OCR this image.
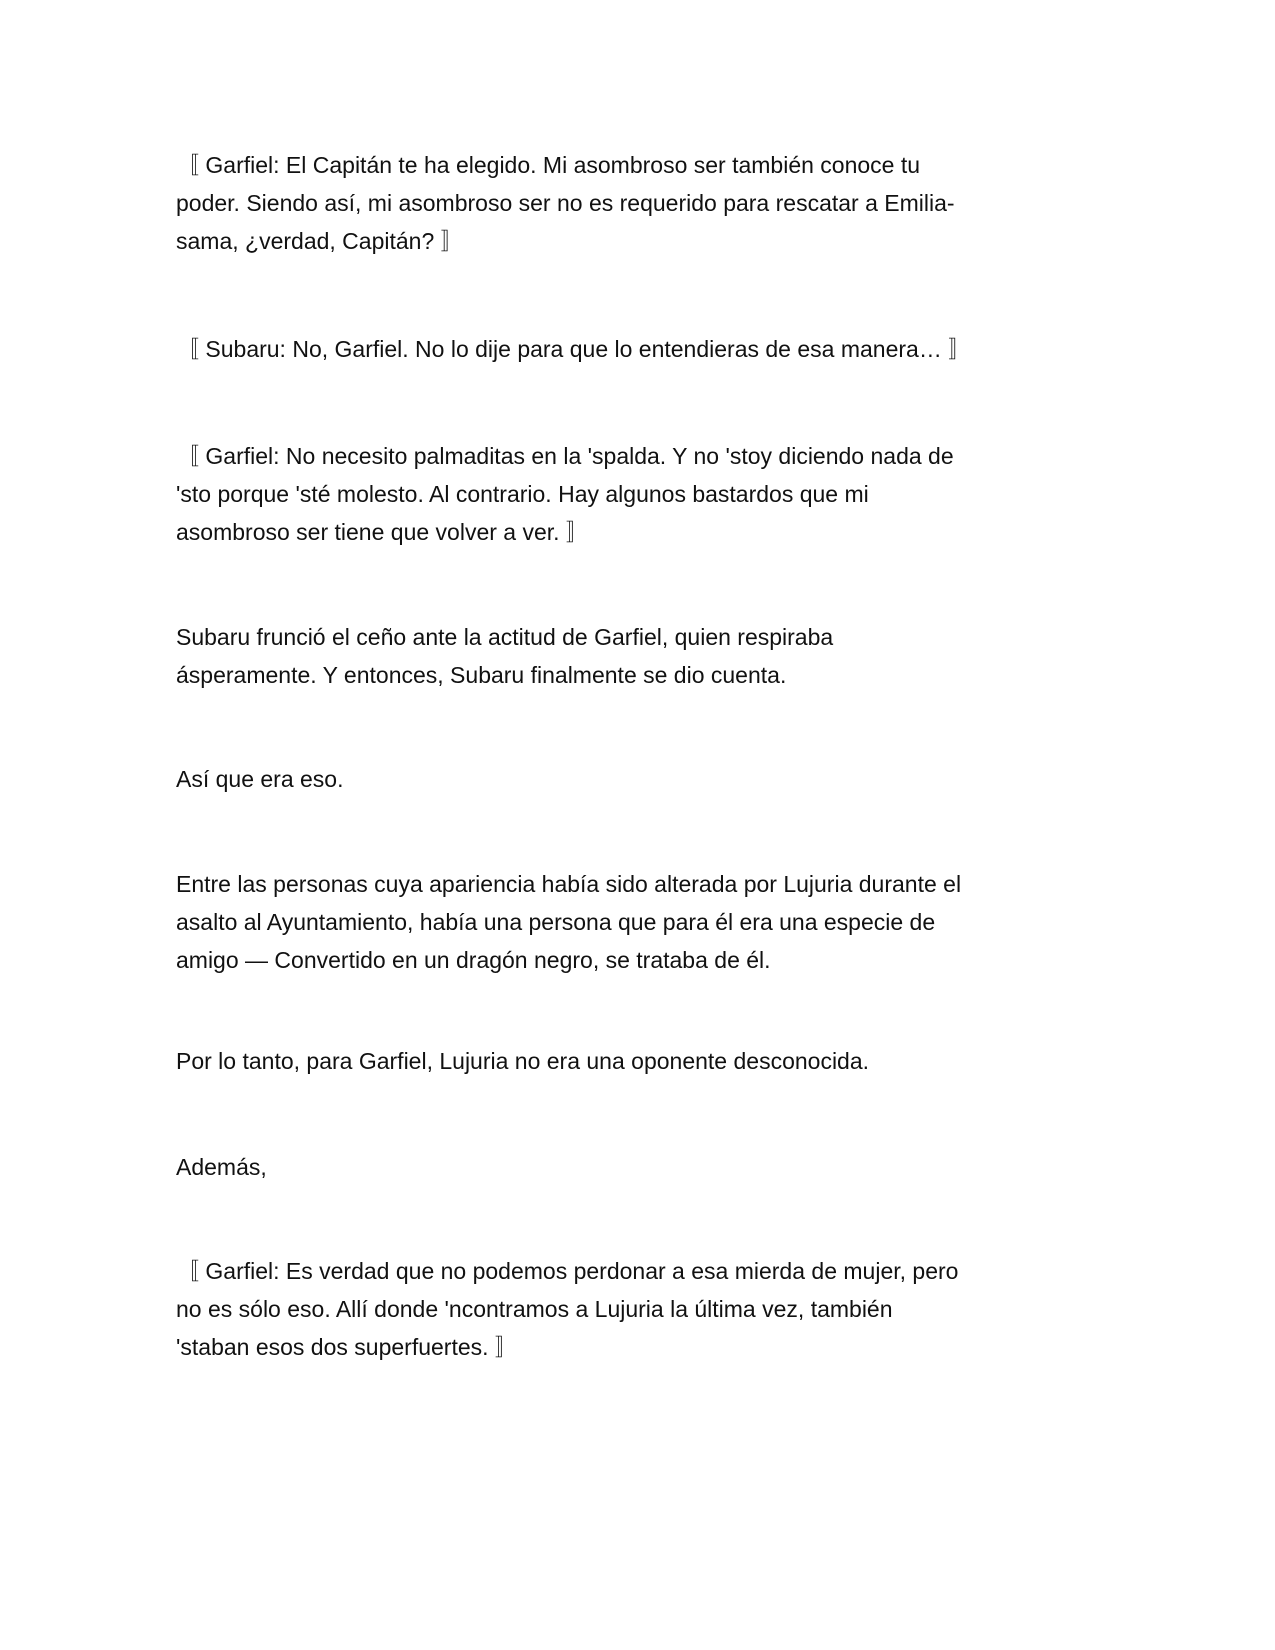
〚 Garfiel: El Capitán te ha elegido. Mi asombroso ser también conoce tu
poder. Siendo así, mi asombroso ser no es requerido para rescatar a Emilia-
sama, ¿verdad, Capitán? 〛

〚 Subaru: No, Garfiel. No lo dije para que lo entendieras de esa manera… 〛

〚 Garfiel: No necesito palmaditas en la 'spalda. Y no 'stoy diciendo nada de
'sto porque 'sté molesto. Al contrario. Hay algunos bastardos que mi
asombroso ser tiene que volver a ver. 〛

Subaru frunció el ceño ante la actitud de Garfiel, quien respiraba
ásperamente. Y entonces, Subaru finalmente se dio cuenta.

Así que era eso.

Entre las personas cuya apariencia había sido alterada por Lujuria durante el
asalto al Ayuntamiento, había una persona que para él era una especie de
amigo — Convertido en un dragón negro, se trataba de él.

Por lo tanto, para Garfiel, Lujuria no era una oponente desconocida.

Además,

〚 Garfiel: Es verdad que no podemos perdonar a esa mierda de mujer, pero
no es sólo eso. Allí donde 'ncontramos a Lujuria la última vez, también
'staban esos dos superfuertes. 〛
